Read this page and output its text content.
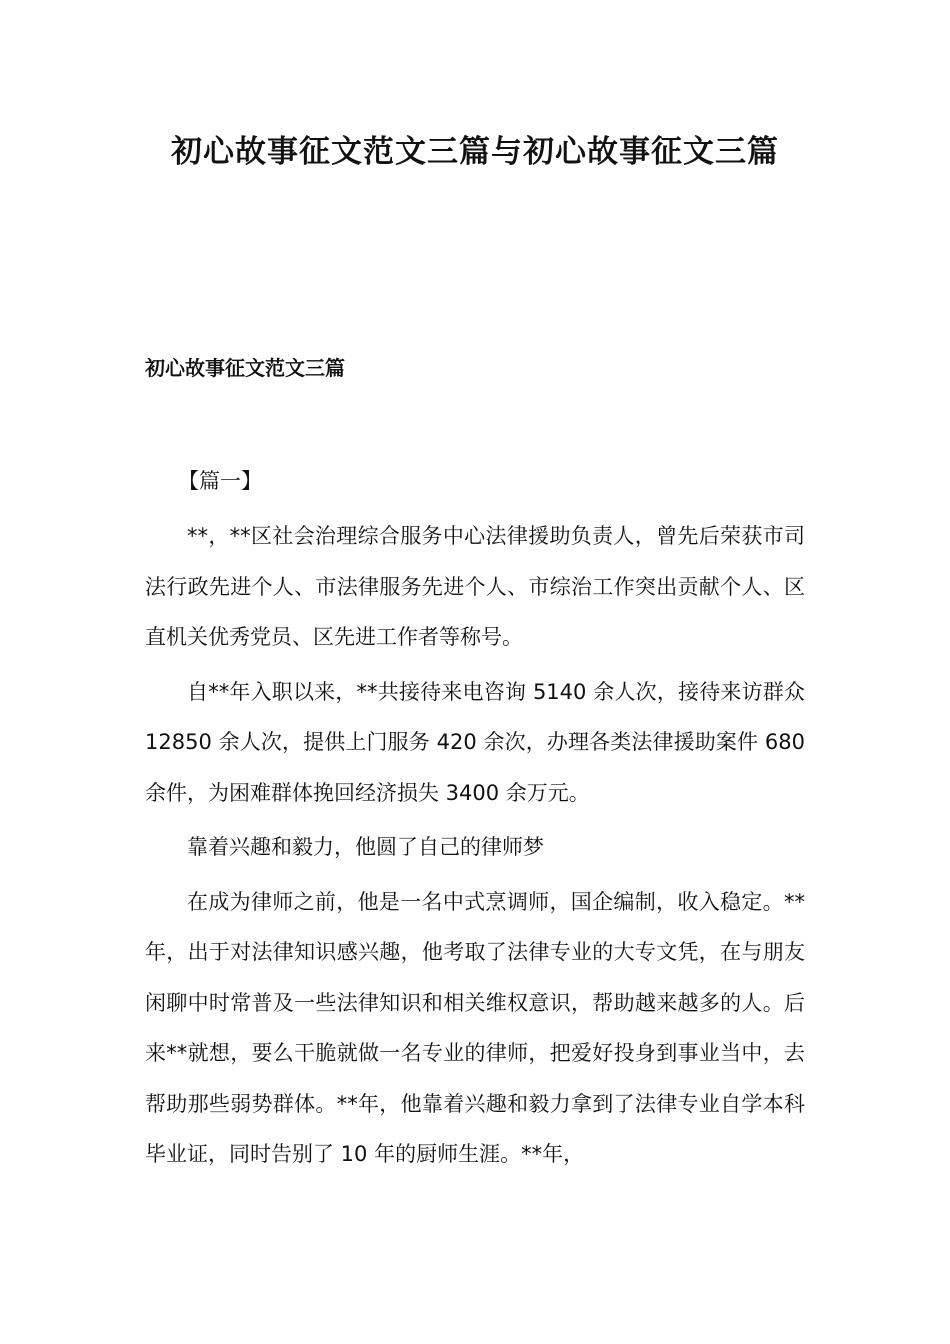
初心故事征文范文三篇与初心故事征文三篇
初心故事征文范文三篇
【篇一】

**，**区社会治理综合服务中心法律援助负责人，曾先后荣获市司法行政先进个人、市法律服务先进个人、市综治工作突出贡献个人、区直机关优秀党员、区先进工作者等称号。

自**年入职以来，**共接待来电咨询 5140 余人次，接待来访群众 12850 余人次，提供上门服务 420 余次，办理各类法律援助案件 680 余件，为困难群体挽回经济损失 3400 余万元。

靠着兴趣和毅力，他圆了自己的律师梦

在成为律师之前，他是一名中式烹调师，国企编制，收入稳定。**年，出于对法律知识感兴趣，他考取了法律专业的大专文凭，在与朋友闲聊中时常普及一些法律知识和相关维权意识，帮助越来越多的人。后来**就想，要么干脆就做一名专业的律师，把爱好投身到事业当中，去帮助那些弱势群体。**年，他靠着兴趣和毅力拿到了法律专业自学本科毕业证，同时告别了 10 年的厨师生涯。**年，
